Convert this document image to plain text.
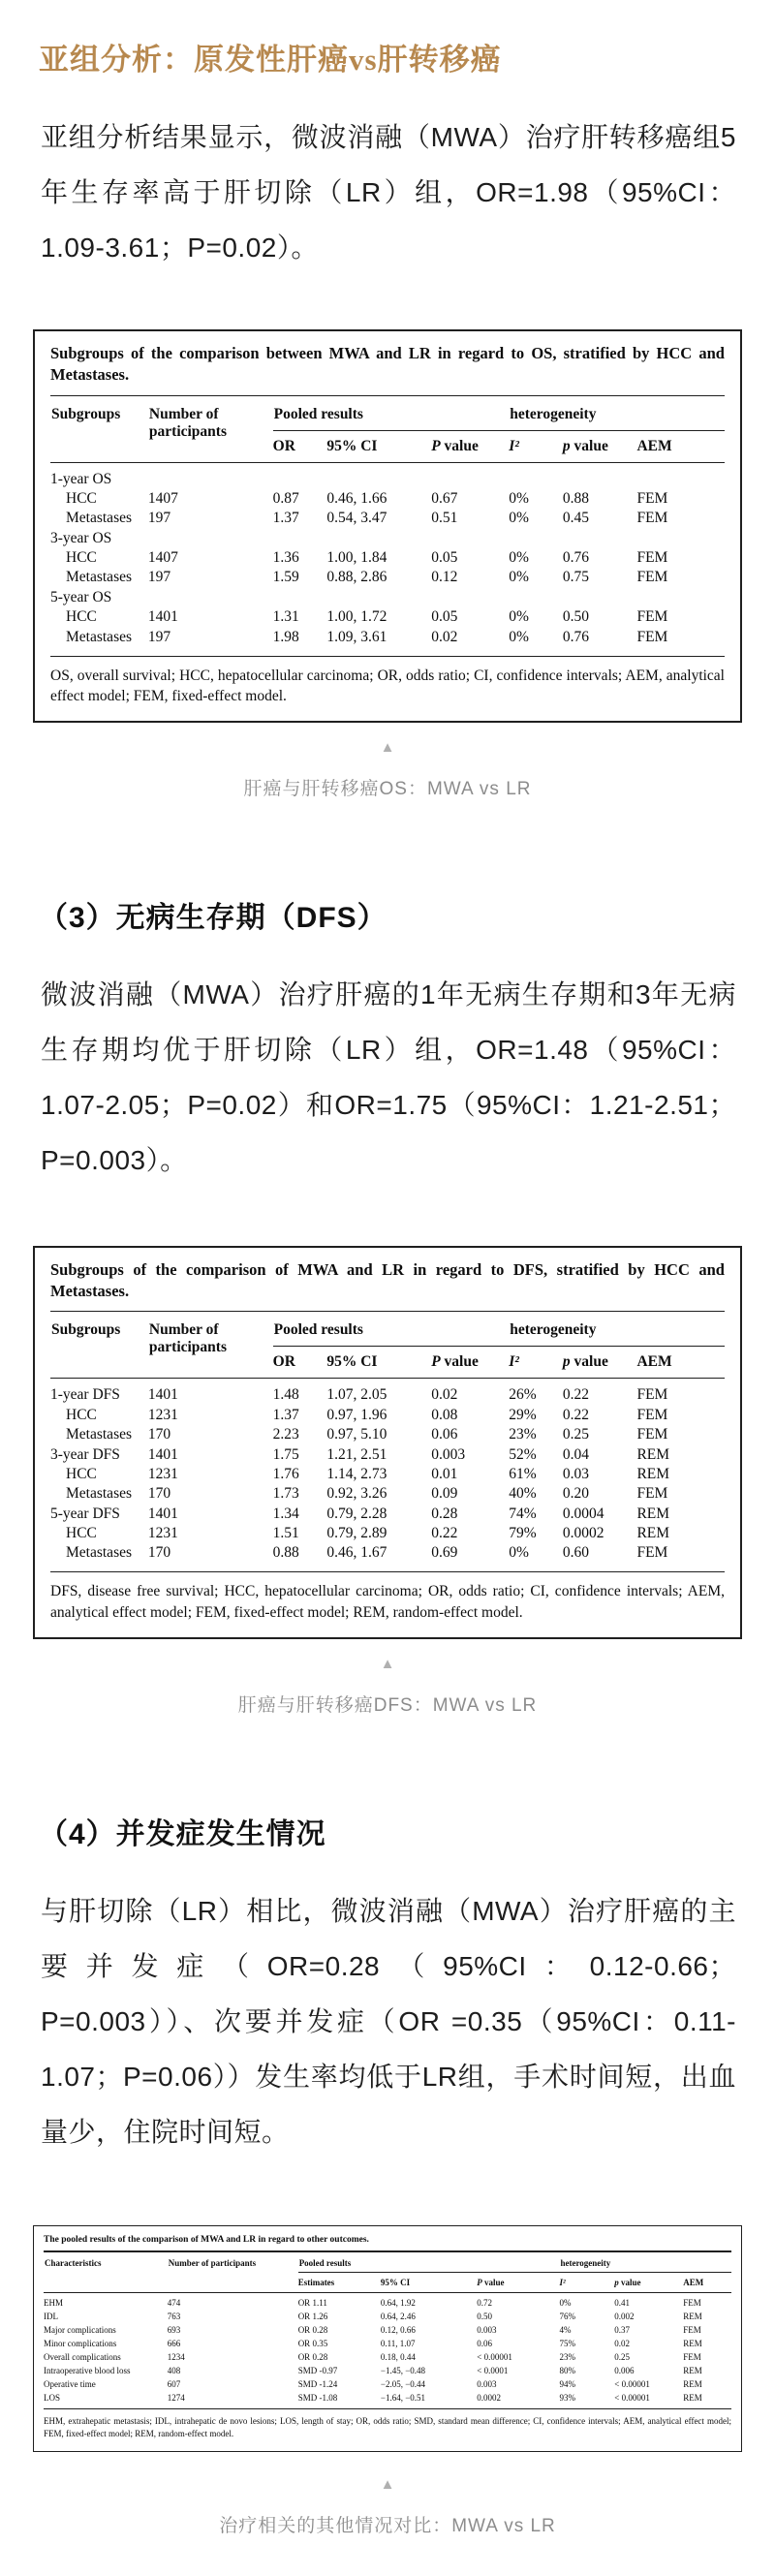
亚组分析：原发性肝癌vs肝转移癌

亚组分析结果显示，微波消融（MWA）治疗肝转移癌组5年生存率高于肝切除（LR）组，OR=1.98（95%CI：1.09-3.61；P=0.02）。

Subgroups of the comparison between MWA and LR in regard to OS, stratified by HCC and Metastases.
Subgroups	Number of participants	Pooled results			heterogeneity		
		OR	95% CI	P value	I²	p value	AEM
1-year OS							
HCC	1407	0.87	0.46, 1.66	0.67	0%	0.88	FEM
Metastases	197	1.37	0.54, 3.47	0.51	0%	0.45	FEM
3-year OS							
HCC	1407	1.36	1.00, 1.84	0.05	0%	0.76	FEM
Metastases	197	1.59	0.88, 2.86	0.12	0%	0.75	FEM
5-year OS							
HCC	1401	1.31	1.00, 1.72	0.05	0%	0.50	FEM
Metastases	197	1.98	1.09, 3.61	0.02	0%	0.76	FEM
OS, overall survival; HCC, hepatocellular carcinoma; OR, odds ratio; CI, confidence intervals; AEM, analytical effect model; FEM, fixed-effect model.
▲
肝癌与肝转移癌OS：MWA vs LR
（3）无病生存期（DFS）

微波消融（MWA）治疗肝癌的1年无病生存期和3年无病生存期均优于肝切除（LR）组，OR=1.48（95%CI：1.07-2.05；P=0.02）和OR=1.75（95%CI：1.21-2.51；P=0.003）。

Subgroups of the comparison of MWA and LR in regard to DFS, stratified by HCC and Metastases.
Subgroups	Number of participants	Pooled results			heterogeneity		
		OR	95% CI	P value	I²	p value	AEM
1-year DFS	1401	1.48	1.07, 2.05	0.02	26%	0.22	FEM
HCC	1231	1.37	0.97, 1.96	0.08	29%	0.22	FEM
Metastases	170	2.23	0.97, 5.10	0.06	23%	0.25	FEM
3-year DFS	1401	1.75	1.21, 2.51	0.003	52%	0.04	REM
HCC	1231	1.76	1.14, 2.73	0.01	61%	0.03	REM
Metastases	170	1.73	0.92, 3.26	0.09	40%	0.20	FEM
5-year DFS	1401	1.34	0.79, 2.28	0.28	74%	0.0004	REM
HCC	1231	1.51	0.79, 2.89	0.22	79%	0.0002	REM
Metastases	170	0.88	0.46, 1.67	0.69	0%	0.60	FEM
DFS, disease free survival; HCC, hepatocellular carcinoma; OR, odds ratio; CI, confidence intervals; AEM, analytical effect model; FEM, fixed-effect model; REM, random-effect model.
▲
肝癌与肝转移癌DFS：MWA vs LR
（4）并发症发生情况

与肝切除（LR）相比，微波消融（MWA）治疗肝癌的主要并发症（OR=0.28（95%CI：0.12-0.66；P=0.003））、次要并发症（OR =0.35（95%CI：0.11-1.07；P=0.06））发生率均低于LR组，手术时间短，出血量少，住院时间短。

The pooled results of the comparison of MWA and LR in regard to other outcomes.
Characteristics	Number of participants	Pooled results			heterogeneity		
		Estimates	95% CI	P value	I²	p value	AEM
EHM	474	OR 1.11	0.64, 1.92	0.72	0%	0.41	FEM
IDL	763	OR 1.26	0.64, 2.46	0.50	76%	0.002	REM
Major complications	693	OR 0.28	0.12, 0.66	0.003	4%	0.37	FEM
Minor complications	666	OR 0.35	0.11, 1.07	0.06	75%	0.02	REM
Overall complications	1234	OR 0.28	0.18, 0.44	< 0.00001	23%	0.25	FEM
Intraoperative blood loss	408	SMD -0.97	−1.45, −0.48	< 0.0001	80%	0.006	REM
Operative time	607	SMD -1.24	−2.05, −0.44	0.003	94%	< 0.00001	REM
LOS	1274	SMD -1.08	−1.64, −0.51	0.0002	93%	< 0.00001	REM
EHM, extrahepatic metastasis; IDL, intrahepatic de novo lesions; LOS, length of stay; OR, odds ratio; SMD, standard mean difference; CI, confidence intervals; AEM, analytical effect model; FEM, fixed-effect model; REM, random-effect model.
▲
治疗相关的其他情况对比：MWA vs LR
